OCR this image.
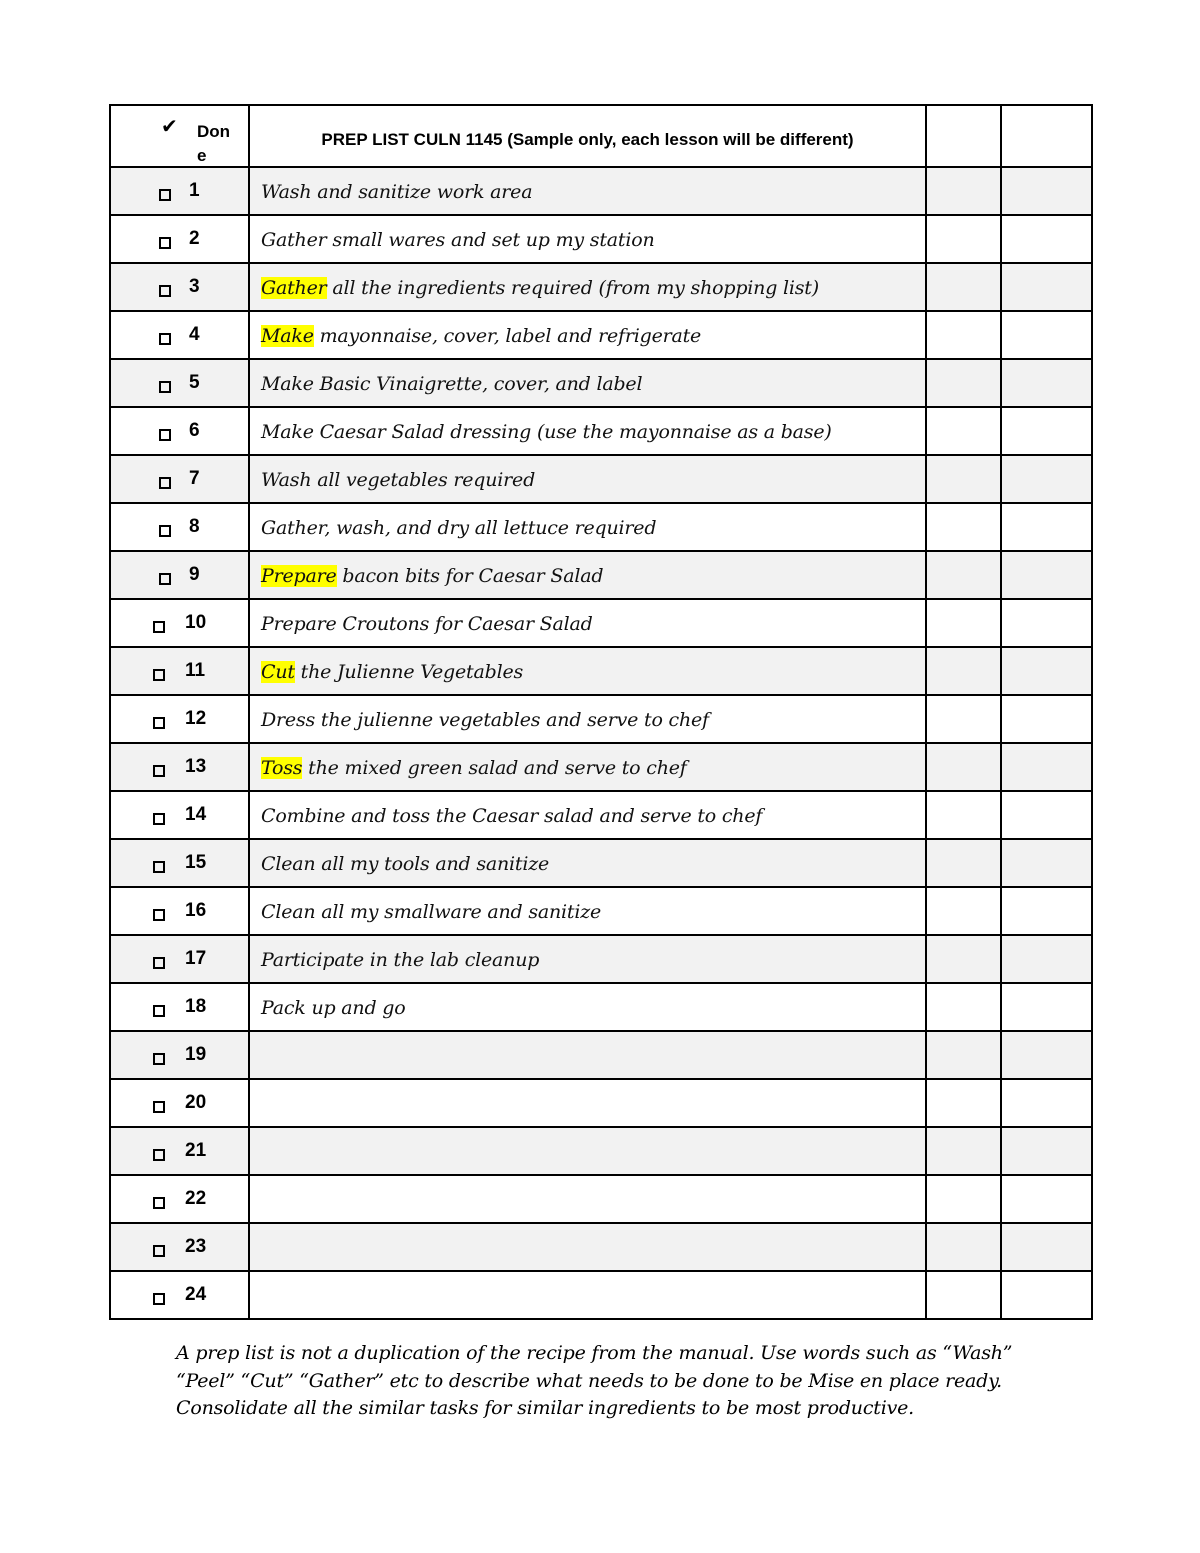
✔ Done	PREP LIST CULN 1145 (Sample only, each lesson will be different)		

1	Wash and sanitize work area		

2	Gather small wares and set up my station		

3	Gather all the ingredients required (from my shopping list)		

4	Make mayonnaise, cover, label and refrigerate		

5	Make Basic Vinaigrette, cover, and label		

6	Make Caesar Salad dressing (use the mayonnaise as a base)		

7	Wash all vegetables required		

8	Gather, wash, and dry all lettuce required		

9	Prepare bacon bits for Caesar Salad		

10	Prepare Croutons for Caesar Salad		

11	Cut the Julienne Vegetables		

12	Dress the julienne vegetables and serve to chef		

13	Toss the mixed green salad and serve to chef		

14	Combine and toss the Caesar salad and serve to chef		

15	Clean all my tools and sanitize		

16	Clean all my smallware and sanitize		

17	Participate in the lab cleanup		

18	Pack up and go		

19			

20			

21			

22			

23			

24			

A prep list is not a duplication of the recipe from the manual. Use words such as “Wash”
“Peel” “Cut” “Gather” etc to describe what needs to be done to be Mise en place ready.
Consolidate all the similar tasks for similar ingredients to be most productive.
